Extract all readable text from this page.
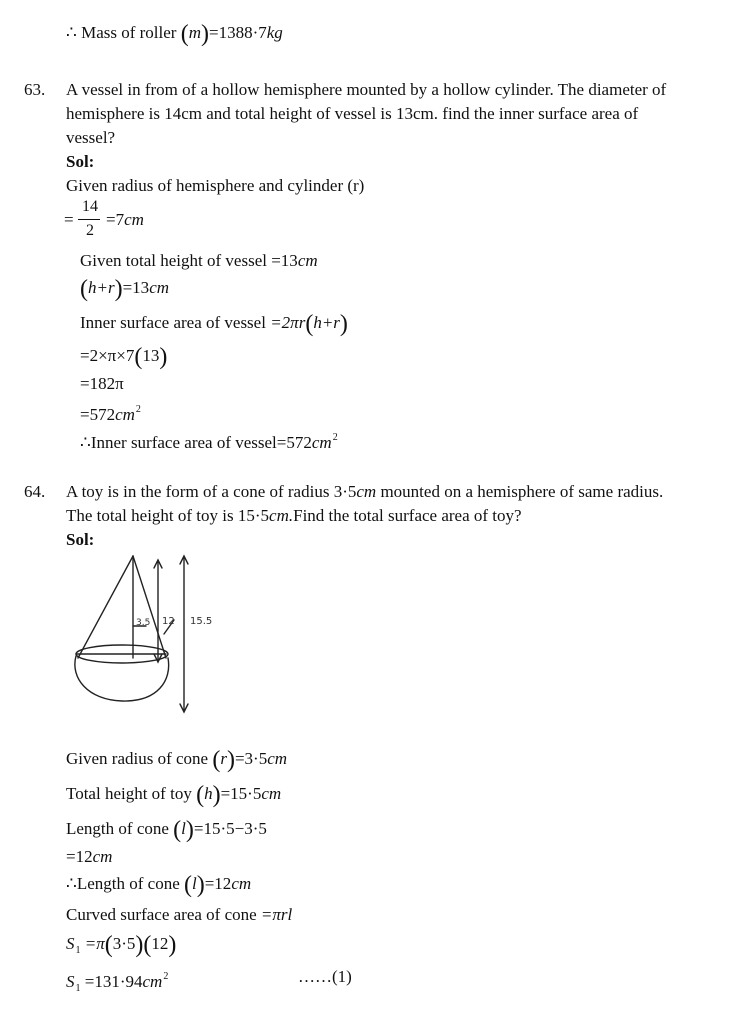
∴ Mass of roller (m)=1388·7kg
63. A vessel in from of a hollow hemisphere mounted by a hollow cylinder. The diameter of
hemisphere is 14cm and total height of vessel is 13cm. find the inner surface area of
vessel?
Sol:
Given radius of hemisphere and cylinder (r)
=
14
2
=7cm
Given total height of vessel =13cm
(h+r)=13cm
Inner surface area of vessel =2πr(h+r)
=2×π×7(13)
=182π
$=572cm^2$
∴Inner surface area of $vessel=572cm^2$
64. A toy is in the form of a cone of radius 3·5cm mounted on a hemisphere of same radius.
The total height of toy is 15·5cm.Find the total surface area of toy?
Sol:
3.5 12 15.5
Given radius of cone (r)=3·5cm
Total height of toy (h)=15·5cm
Length of cone (l)=15·5−3·5
=12cm
∴Length of cone (l)=12cm
Curved surface area of cone =πrl
$S_1 =\pi(3\cdot 5)(12)$
$S_1 =131\cdot 94cm^2$	……(1)
